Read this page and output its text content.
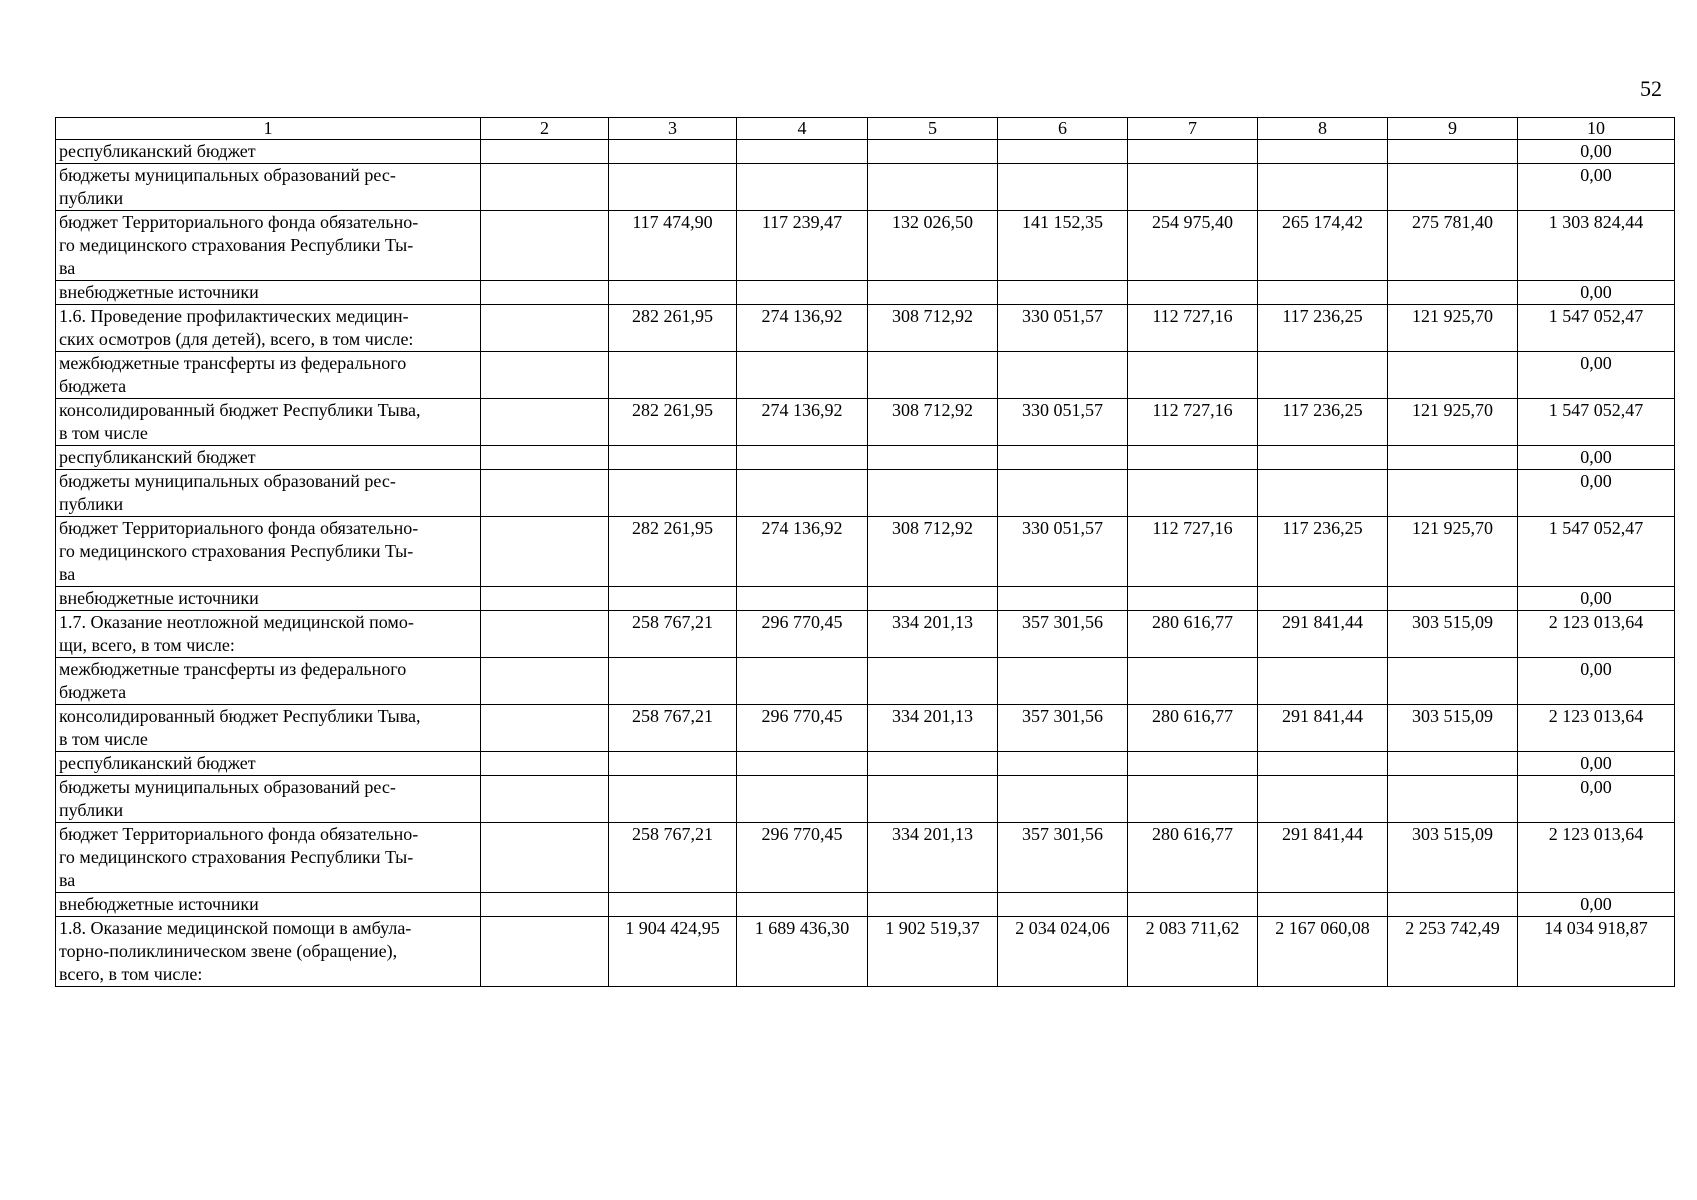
52
1	2	3	4	5	6	7	8	9	10
республиканский бюджет									0,00
бюджеты муниципальных образований рес-
публики									0,00
бюджет Территориального фонда обязательно-
го медицинского страхования Республики Ты-
ва		117 474,90	117 239,47	132 026,50	141 152,35	254 975,40	265 174,42	275 781,40	1 303 824,44
внебюджетные источники									0,00
1.6. Проведение профилактических медицин-
ских осмотров (для детей), всего, в том числе:		282 261,95	274 136,92	308 712,92	330 051,57	112 727,16	117 236,25	121 925,70	1 547 052,47
межбюджетные трансферты из федерального
бюджета									0,00
консолидированный бюджет Республики Тыва,
в том числе		282 261,95	274 136,92	308 712,92	330 051,57	112 727,16	117 236,25	121 925,70	1 547 052,47
республиканский бюджет									0,00
бюджеты муниципальных образований рес-
публики									0,00
бюджет Территориального фонда обязательно-
го медицинского страхования Республики Ты-
ва		282 261,95	274 136,92	308 712,92	330 051,57	112 727,16	117 236,25	121 925,70	1 547 052,47
внебюджетные источники									0,00
1.7. Оказание неотложной медицинской помо-
щи, всего, в том числе:		258 767,21	296 770,45	334 201,13	357 301,56	280 616,77	291 841,44	303 515,09	2 123 013,64
межбюджетные трансферты из федерального
бюджета									0,00
консолидированный бюджет Республики Тыва,
в том числе		258 767,21	296 770,45	334 201,13	357 301,56	280 616,77	291 841,44	303 515,09	2 123 013,64
республиканский бюджет									0,00
бюджеты муниципальных образований рес-
публики									0,00
бюджет Территориального фонда обязательно-
го медицинского страхования Республики Ты-
ва		258 767,21	296 770,45	334 201,13	357 301,56	280 616,77	291 841,44	303 515,09	2 123 013,64
внебюджетные источники									0,00
1.8. Оказание медицинской помощи в амбула-
торно-поликлиническом звене (обращение),
всего, в том числе:		1 904 424,95	1 689 436,30	1 902 519,37	2 034 024,06	2 083 711,62	2 167 060,08	2 253 742,49	14 034 918,87
